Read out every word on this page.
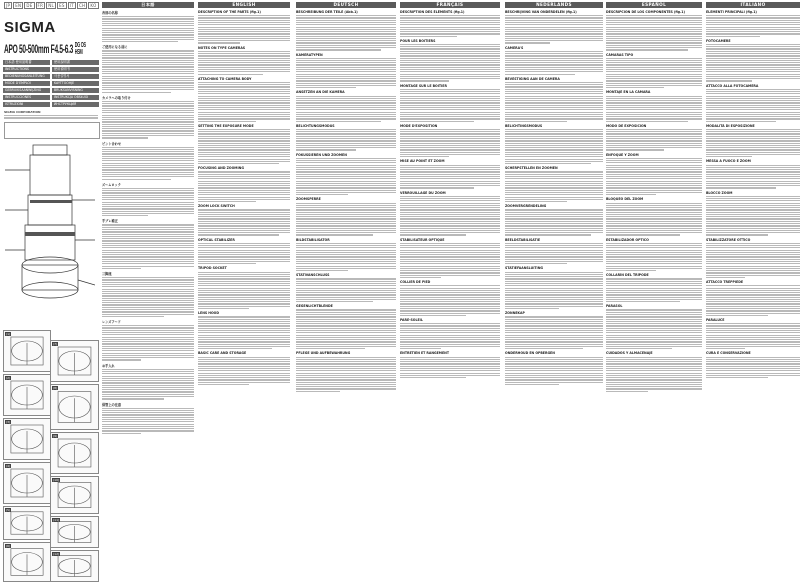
JP EN DE FR NL ES IT CH KO
SIGMA
APO 50-500mm F4.5-6.3 DG OS HSM
日本語 使用説明書	使用說明書
INSTRUCTIONS	使用说明书
BEDIENUNGSANLEITUNG	사용설명서
MODE D'EMPLOI	KÄYTTÖOHJE
GEBRUIKSAANWIJZING	BRUKSANVISNING
INSTRUCCIONES	INSTRUKCJA OBSŁUGI
ISTRUZIONI	ИНСТРУКЦИЯ
SIGMA CORPORATION
(1)
(2)
(3)
(4)
(5)
(6)
(7)
(8)
(9)
(10)
(11)
(12)
日本語
各部の名称
ご使用になる前に
カメラへの取り付け
ピント合わせ
ズームロック
手ブレ補正
三脚座
レンズフード
お手入れ
保管上の注意
ENGLISH
DESCRIPTION OF THE PARTS (fig.1)
NOTES ON TYPE CAMERAS
ATTACHING TO CAMERA BODY
SETTING THE EXPOSURE MODE
FOCUSING AND ZOOMING
ZOOM LOCK SWITCH
OPTICAL STABILIZER
TRIPOD SOCKET
LENS HOOD
BASIC CARE AND STORAGE
DEUTSCH
BESCHREIBUNG DER TEILE (Abb.1)
KAMERATYPEN
ANSETZEN AN DIE KAMERA
BELICHTUNGSMODUS
FOKUSSIEREN UND ZOOMEN
ZOOMSPERRE
BILDSTABILISATOR
STATIVANSCHLUSS
GEGENLICHTBLENDE
PFLEGE UND AUFBEWAHRUNG
FRANÇAIS
DESCRIPTION DES ÉLÉMENTS (fig.1)
POUR LES BOITIERS
MONTAGE SUR LE BOITIER
MODE D'EXPOSITION
MISE AU POINT ET ZOOM
VERROUILLAGE DU ZOOM
STABILISATEUR OPTIQUE
COLLIER DE PIED
PARE-SOLEIL
ENTRETIEN ET RANGEMENT
NEDERLANDS
BESCHRIJVING VAN ONDERDELEN (fig.1)
CAMERA'S
BEVESTIGING AAN DE CAMERA
BELICHTINGSMODUS
SCHERPSTELLEN EN ZOOMEN
ZOOMVERGRENDELING
BEELDSTABILISATIE
STATIEFAANSLUITING
ZONNEKAP
ONDERHOUD EN OPBERGEN
ESPAÑOL
DESCRIPCIÓN DE LOS COMPONENTES (fig.1)
CÁMARAS TIPO
MONTAJE EN LA CÁMARA
MODO DE EXPOSICIÓN
ENFOQUE Y ZOOM
BLOQUEO DEL ZOOM
ESTABILIZADOR ÓPTICO
COLLARÍN DEL TRÍPODE
PARASOL
CUIDADOS Y ALMACENAJE
ITALIANO
ELEMENTI PRINCIPALI (fig.1)
FOTOCAMERE
ATTACCO ALLA FOTOCAMERA
MODALITÀ DI ESPOSIZIONE
MESSA A FUOCO E ZOOM
BLOCCO ZOOM
STABILIZZATORE OTTICO
ATTACCO TREPPIEDE
PARALUCE
CURA E CONSERVAZIONE
